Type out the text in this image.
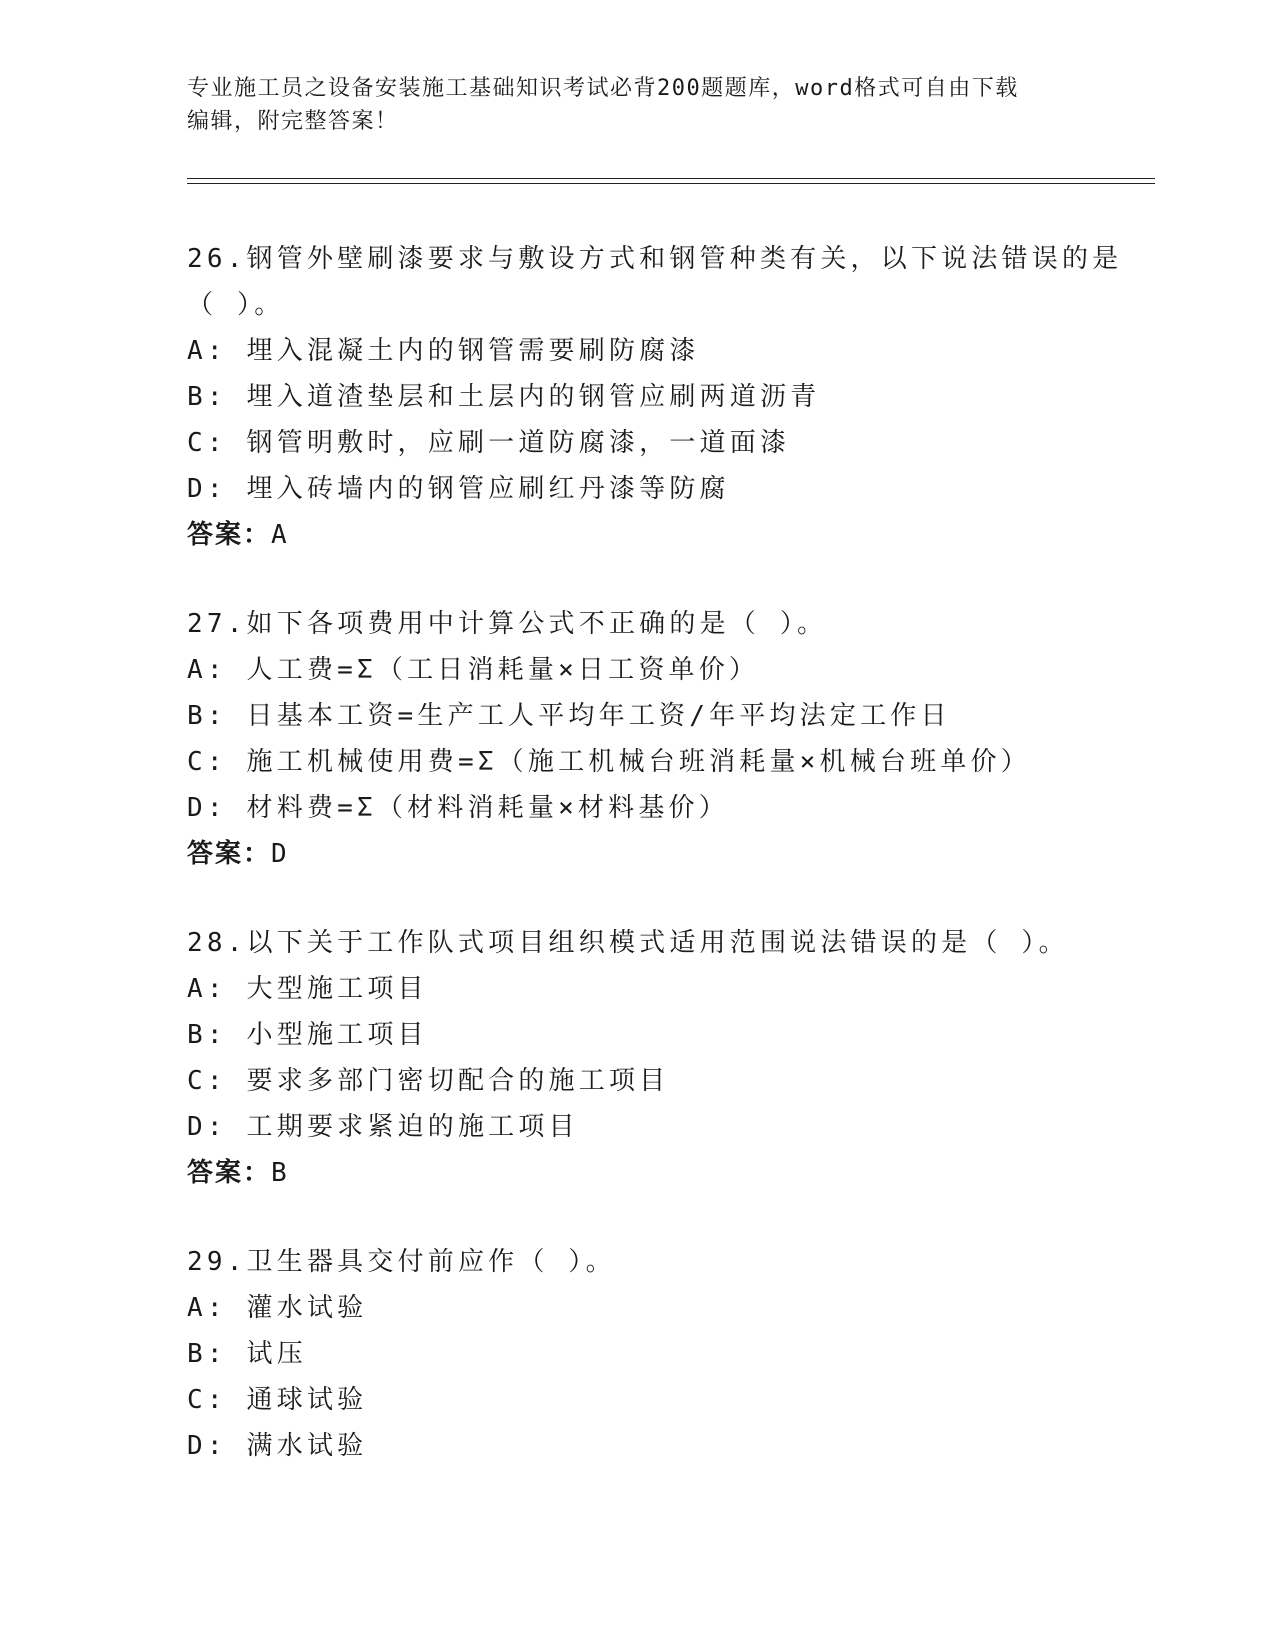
专业施工员之设备安装施工基础知识考试必背200题题库，word格式可自由下载
编辑，附完整答案！
26.钢管外壁刷漆要求与敷设方式和钢管种类有关，以下说法错误的是
（ ）。
A: 埋入混凝土内的钢管需要刷防腐漆
B: 埋入道渣垫层和土层内的钢管应刷两道沥青
C: 钢管明敷时，应刷一道防腐漆，一道面漆
D: 埋入砖墙内的钢管应刷红丹漆等防腐
答案：A
27.如下各项费用中计算公式不正确的是（ ）。
A: 人工费=Σ（工日消耗量×日工资单价）
B: 日基本工资=生产工人平均年工资/年平均法定工作日
C: 施工机械使用费=Σ（施工机械台班消耗量×机械台班单价）
D: 材料费=Σ（材料消耗量×材料基价）
答案：D
28.以下关于工作队式项目组织模式适用范围说法错误的是（ ）。
A: 大型施工项目
B: 小型施工项目
C: 要求多部门密切配合的施工项目
D: 工期要求紧迫的施工项目
答案：B
29.卫生器具交付前应作（ ）。
A: 灌水试验
B: 试压
C: 通球试验
D: 满水试验
